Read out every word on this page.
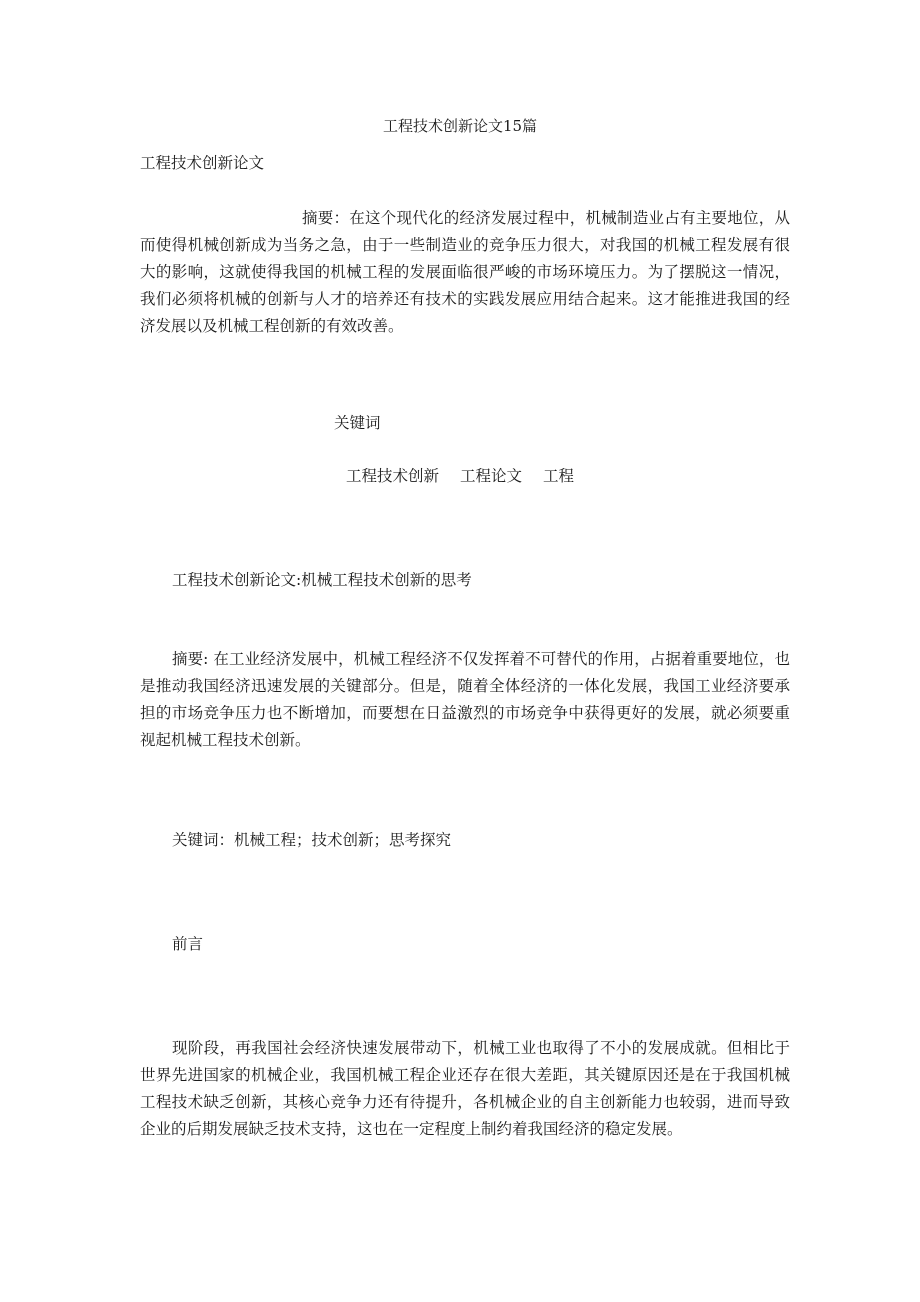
工程技术创新论文15篇

工程技术创新论文

摘要：在这个现代化的经济发展过程中，机械制造业占有主要地位，从而使得机械创新成为当务之急，由于一些制造业的竞争压力很大，对我国的机械工程发展有很大的影响，这就使得我国的机械工程的发展面临很严峻的市场环境压力。为了摆脱这一情况，我们必须将机械的创新与人才的培养还有技术的实践发展应用结合起来。这才能推进我国的经济发展以及机械工程创新的有效改善。

关键词

工程技术创新 工程论文 工程

工程技术创新论文:机械工程技术创新的思考

摘要: 在工业经济发展中，机械工程经济不仅发挥着不可替代的作用，占据着重要地位，也是推动我国经济迅速发展的关键部分。但是，随着全体经济的一体化发展，我国工业经济要承担的市场竞争压力也不断增加，而要想在日益激烈的市场竞争中获得更好的发展，就必须要重视起机械工程技术创新。

关键词：机械工程；技术创新；思考探究

前言

现阶段，再我国社会经济快速发展带动下，机械工业也取得了不小的发展成就。但相比于世界先进国家的机械企业，我国机械工程企业还存在很大差距，其关键原因还是在于我国机械工程技术缺乏创新，其核心竞争力还有待提升，各机械企业的自主创新能力也较弱，进而导致企业的后期发展缺乏技术支持，这也在一定程度上制约着我国经济的稳定发展。
